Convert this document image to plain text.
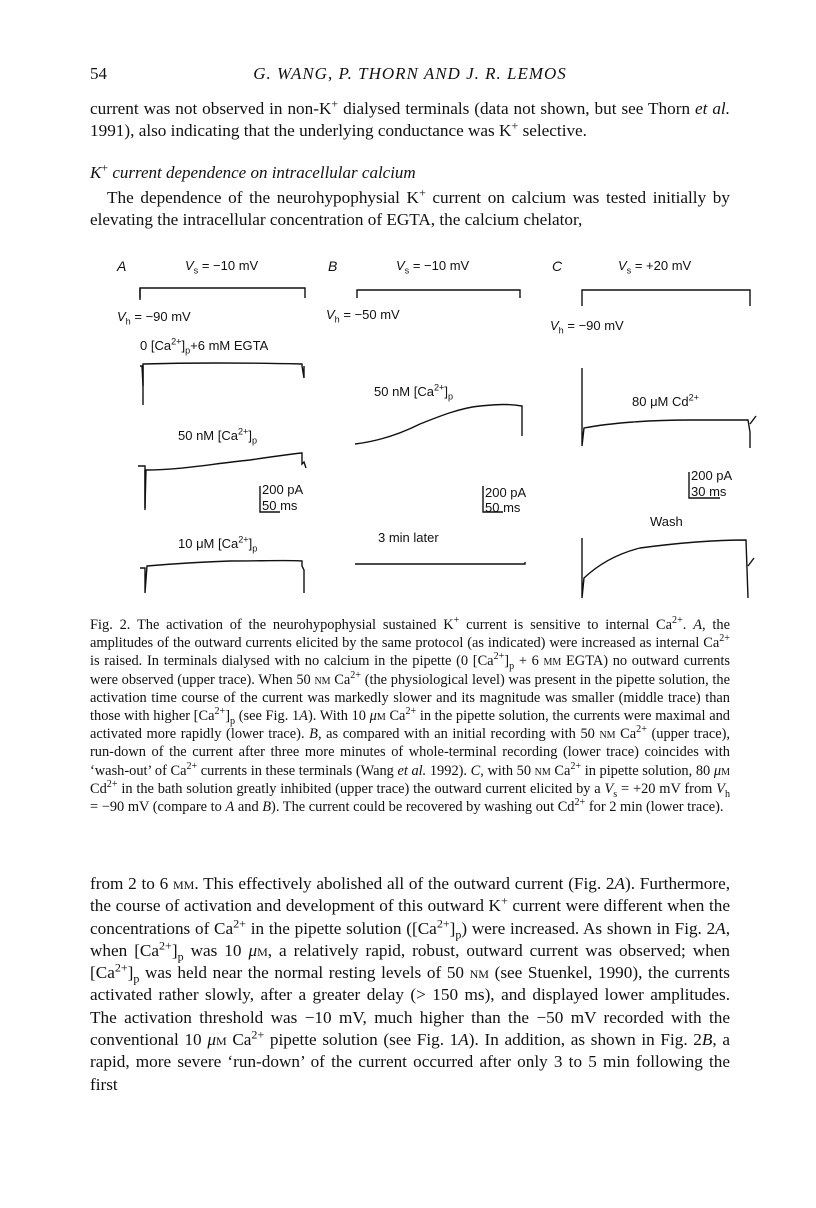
54	G. WANG, P. THORN AND J. R. LEMOS

current was not observed in non-K+ dialysed terminals (data not shown, but see Thorn et al. 1991), also indicating that the underlying conductance was K+ selective.

K+ current dependence on intracellular calcium

The dependence of the neurohypophysial K+ current on calcium was tested initially by elevating the intracellular concentration of EGTA, the calcium chelator,

A	$V_s = -10$ mV
$V_h = -90$ mV
B	$V_s = -10$ mV
$V_h = -50$ mV
C	$V_s = +20$ mV
$V_h = -90$ mV
0 $[Ca^{2+}]_p+6$ mM EGTA
50 nM $[Ca^{2+}]_p$
10 μM $[Ca^{2+}]_p$
50 nM $[Ca^{2+}]_p$
3 min later
80 μM $Cd^{2+}$
Wash
200 pA
50 ms
200 pA
50 ms
200 pA
30 ms

Fig. 2. The activation of the neurohypophysial sustained K+ current is sensitive to internal $Ca^{2+}$. A, the amplitudes of the outward currents elicited by the same protocol (as indicated) were increased as internal $Ca^{2+}$ is raised. In terminals dialysed with no calcium in the pipette (0 $[Ca^{2+}]_p + 6$ mm EGTA) no outward currents were observed (upper trace). When 50 nm $Ca^{2+}$ (the physiological level) was present in the pipette solution, the activation time course of the current was markedly slower and its magnitude was smaller (middle trace) than those with higher $[Ca^{2+}]_p$ (see Fig. 1A). With 10 μm $Ca^{2+}$ in the pipette solution, the currents were maximal and activated more rapidly (lower trace). B, as compared with an initial recording with 50 nm $Ca^{2+}$ (upper trace), run-down of the current after three more minutes of whole-terminal recording (lower trace) coincides with ‘wash-out’ of $Ca^{2+}$ currents in these terminals (Wang et al. 1992). C, with 50 nm $Ca^{2+}$ in pipette solution, 80 μm $Cd^{2+}$ in the bath solution greatly inhibited (upper trace) the outward current elicited by a $V_s = +20$ mV from $V_h = -90$ mV (compare to A and B). The current could be recovered by washing out $Cd^{2+}$ for 2 min (lower trace).

from 2 to 6 mm. This effectively abolished all of the outward current (Fig. 2A). Furthermore, the course of activation and development of this outward K+ current were different when the concentrations of $Ca^{2+}$ in the pipette solution $([Ca^{2+}]_p)$ were increased. As shown in Fig. 2A, when $[Ca^{2+}]_p$ was 10 μm, a relatively rapid, robust, outward current was observed; when $[Ca^{2+}]_p$ was held near the normal resting levels of 50 nm (see Stuenkel, 1990), the currents activated rather slowly, after a greater delay (> 150 ms), and displayed lower amplitudes. The activation threshold was −10 mV, much higher than the −50 mV recorded with the conventional 10 μm $Ca^{2+}$ pipette solution (see Fig. 1A). In addition, as shown in Fig. 2B, a rapid, more severe ‘run-down’ of the current occurred after only 3 to 5 min following the first
